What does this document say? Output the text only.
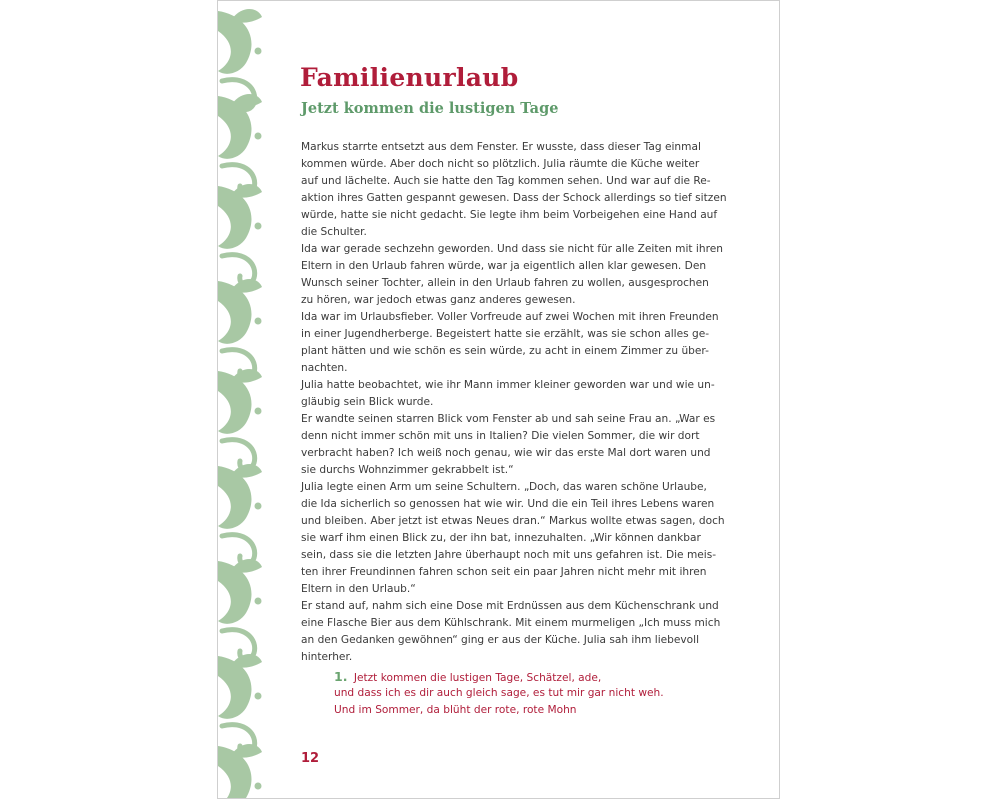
Familienurlaub
Jetzt kommen die lustigen Tage
Markus starrte entsetzt aus dem Fenster. Er wusste, dass dieser Tag einmal
kommen würde. Aber doch nicht so plötzlich. Julia räumte die Küche weiter
auf und lächelte. Auch sie hatte den Tag kommen sehen. Und war auf die Re-
aktion ihres Gatten gespannt gewesen. Dass der Schock allerdings so tief sitzen
würde, hatte sie nicht gedacht. Sie legte ihm beim Vorbeigehen eine Hand auf
die Schulter.
Ida war gerade sechzehn geworden. Und dass sie nicht für alle Zeiten mit ihren
Eltern in den Urlaub fahren würde, war ja eigentlich allen klar gewesen. Den
Wunsch seiner Tochter, allein in den Urlaub fahren zu wollen, ausgesprochen
zu hören, war jedoch etwas ganz anderes gewesen.
Ida war im Urlaubsfieber. Voller Vorfreude auf zwei Wochen mit ihren Freunden
in einer Jugendherberge. Begeistert hatte sie erzählt, was sie schon alles ge-
plant hätten und wie schön es sein würde, zu acht in einem Zimmer zu über-
nachten.
Julia hatte beobachtet, wie ihr Mann immer kleiner geworden war und wie un-
gläubig sein Blick wurde.
Er wandte seinen starren Blick vom Fenster ab und sah seine Frau an. „War es
denn nicht immer schön mit uns in Italien? Die vielen Sommer, die wir dort
verbracht haben? Ich weiß noch genau, wie wir das erste Mal dort waren und
sie durchs Wohnzimmer gekrabbelt ist.“
Julia legte einen Arm um seine Schultern. „Doch, das waren schöne Urlaube,
die Ida sicherlich so genossen hat wie wir. Und die ein Teil ihres Lebens waren
und bleiben. Aber jetzt ist etwas Neues dran.“ Markus wollte etwas sagen, doch
sie warf ihm einen Blick zu, der ihn bat, innezuhalten. „Wir können dankbar
sein, dass sie die letzten Jahre überhaupt noch mit uns gefahren ist. Die meis-
ten ihrer Freundinnen fahren schon seit ein paar Jahren nicht mehr mit ihren
Eltern in den Urlaub.“
Er stand auf, nahm sich eine Dose mit Erdnüssen aus dem Küchenschrank und
eine Flasche Bier aus dem Kühlschrank. Mit einem murmeligen „Ich muss mich
an den Gedanken gewöhnen“ ging er aus der Küche. Julia sah ihm liebevoll
hinterher.
1. Jetzt kommen die lustigen Tage, Schätzel, ade,
und dass ich es dir auch gleich sage, es tut mir gar nicht weh.
Und im Sommer, da blüht der rote, rote Mohn
12
